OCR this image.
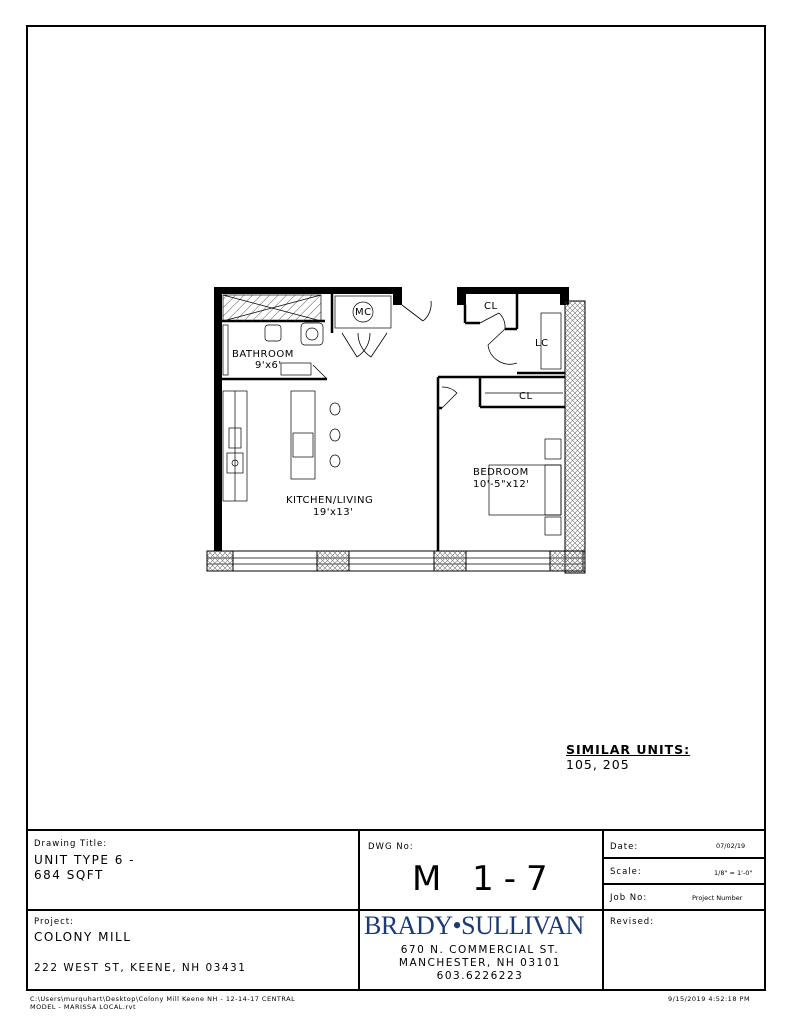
MC
CL
LC
CL
BATHROOM
9'x6'
KITCHEN/LIVING
19'x13'
BEDROOM
10'-5"x12'
SIMILAR UNITS:
105, 205
Drawing Title:
UNIT TYPE 6 -
684 SQFT
Project:
COLONY MILL
222 WEST ST, KEENE, NH 03431
DWG No:
M 1-7
BRADY•SULLIVAN
670 N. COMMERCIAL ST.
MANCHESTER, NH 03101
603.6226223
Date:	07/02/19
Scale:	1/8" = 1'-0"
Job No:	Project Number
Revised:
C:\Users\murquhart\Desktop\Colony Mill Keene NH - 12-14-17 CENTRAL
MODEL - MARISSA LOCAL.rvt
9/15/2019 4:52:18 PM
